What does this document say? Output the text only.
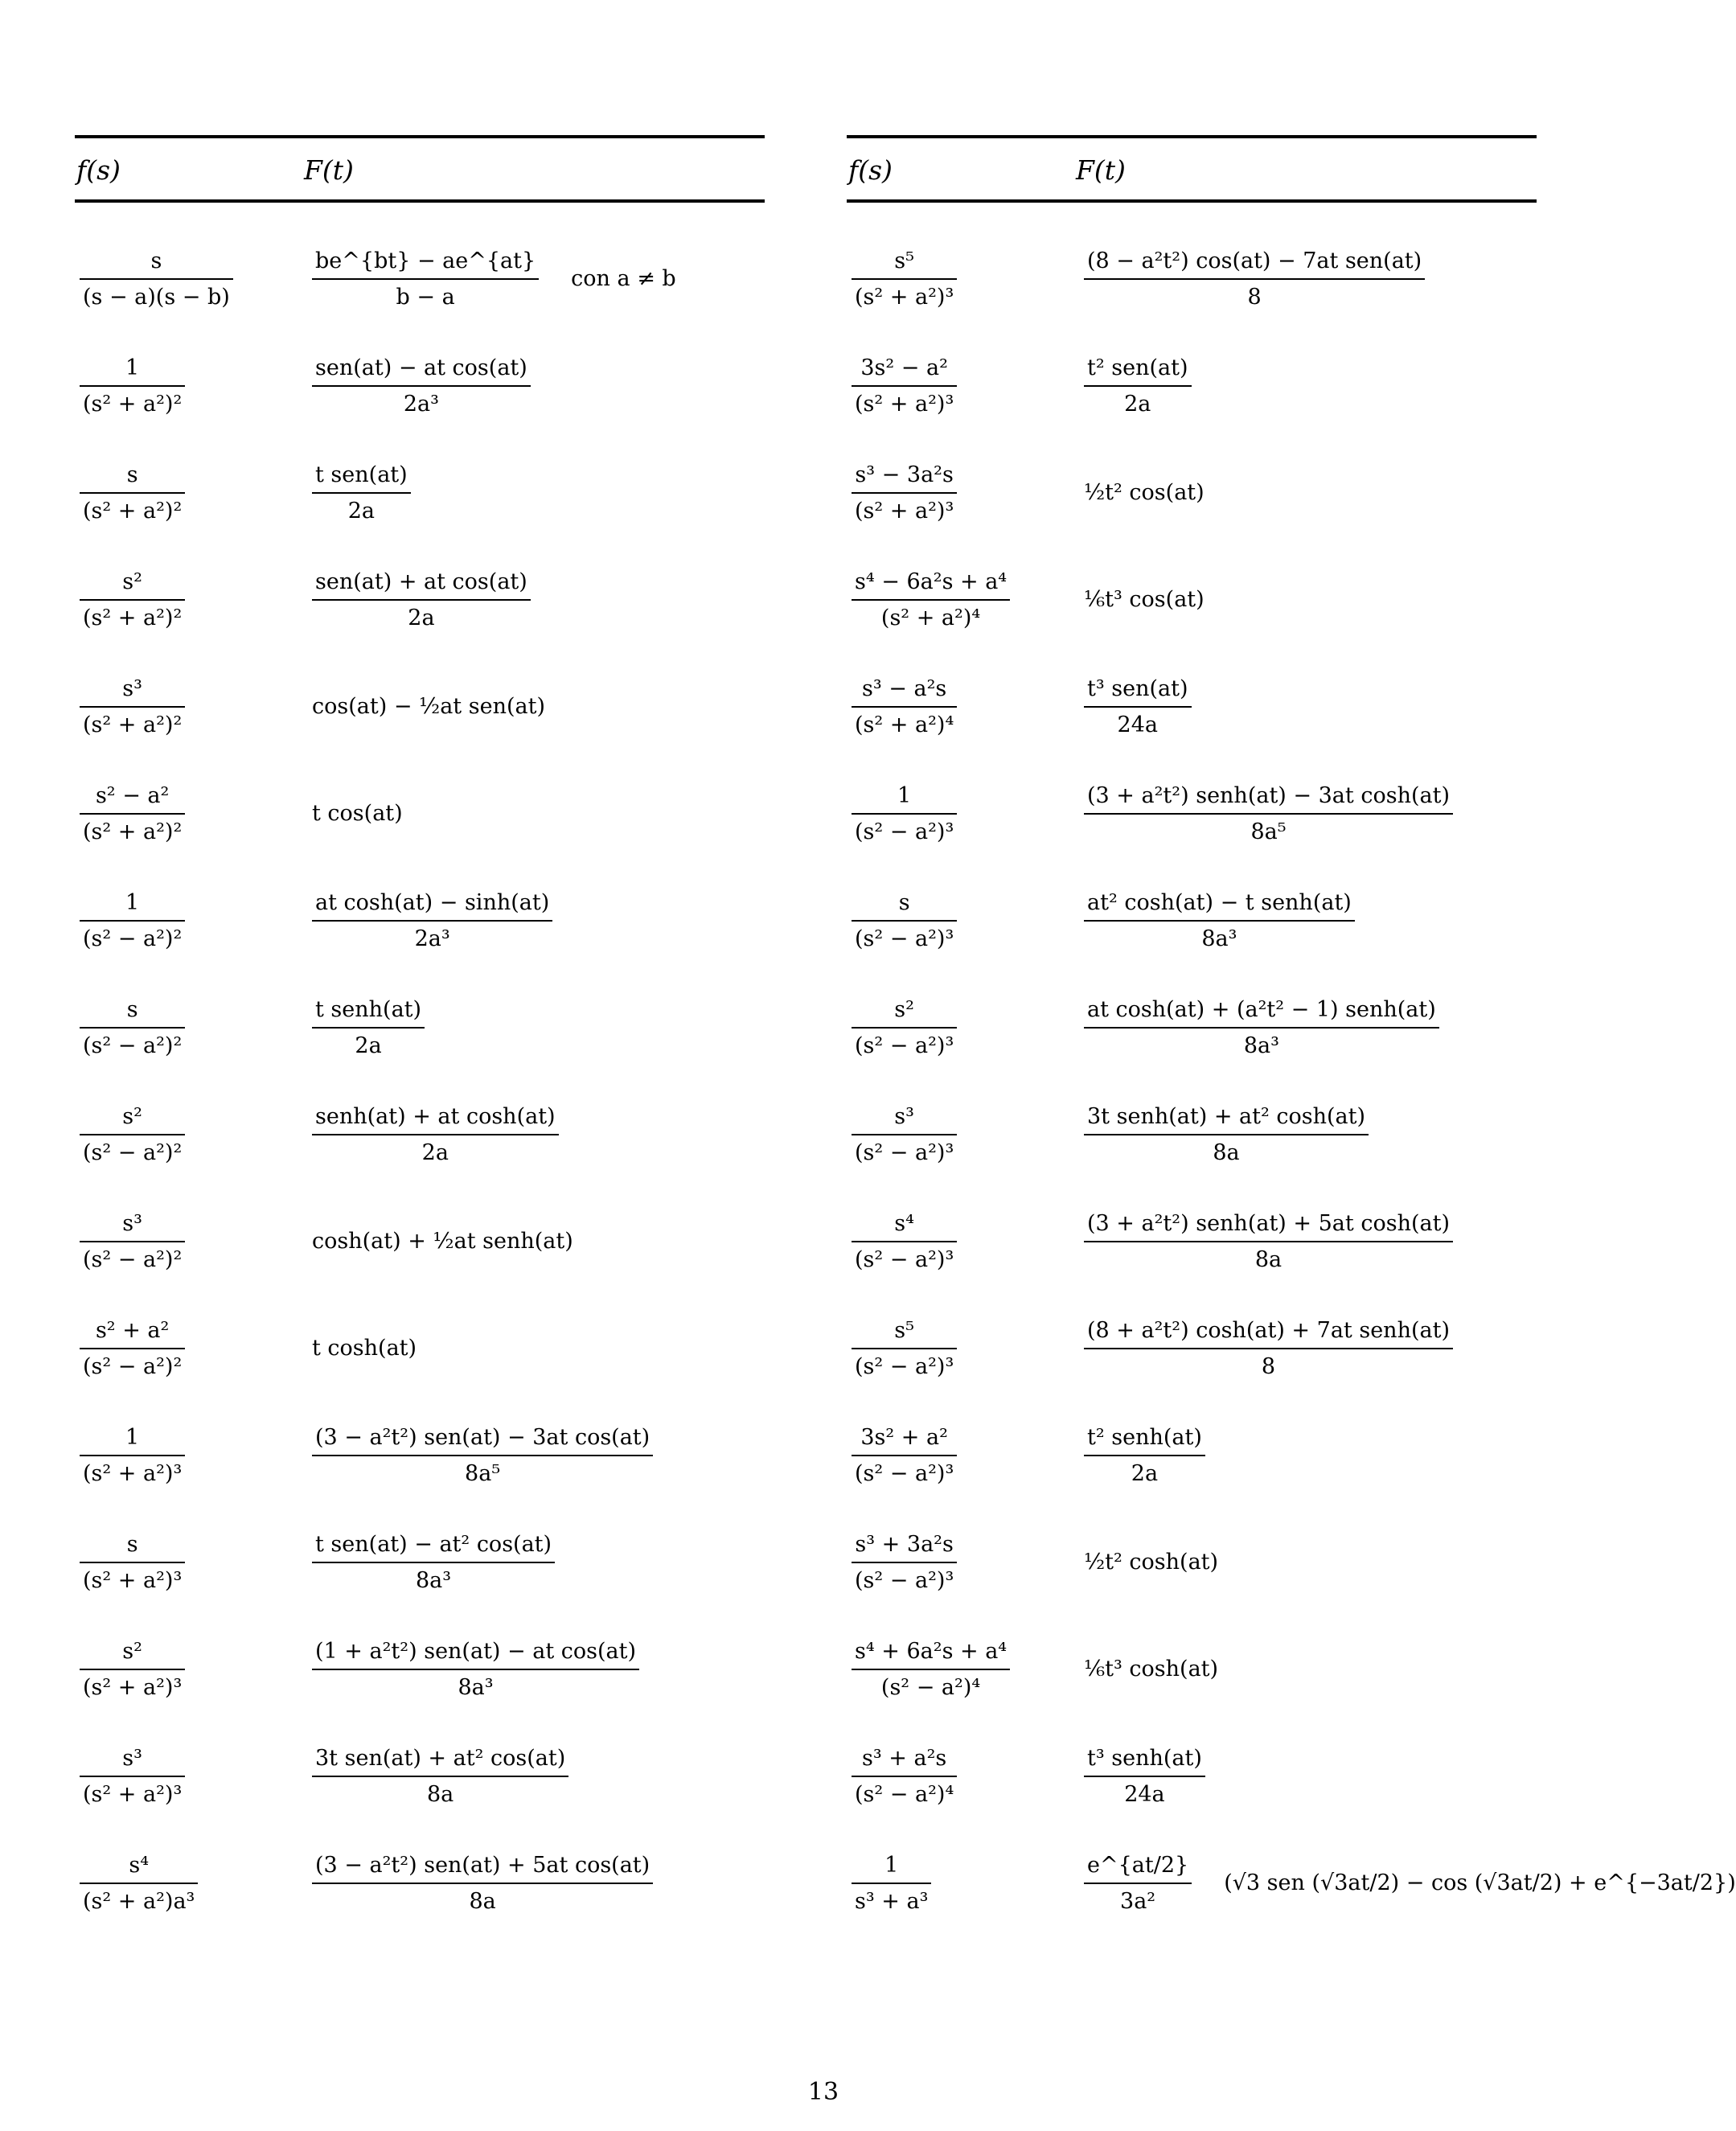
f(s)	F(t)
$\frac{s}{(s - a)(s - b)}$	$\frac{be\^{}\{bt\} - ae\^{}\{at\}}{b - a}$ con a ≠ b
$\frac{1}{\text{(s² + a²)²}}$	$\frac{\text{sen(at) − at cos(at)}}{\text{2a³}}$
$\frac{s}{\text{(s² + a²)²}}$	$\frac{\text{t sen(at)}}{2a}$
$\frac{\text{s²}}{\text{(s² + a²)²}}$	$\frac{\text{sen(at) + at cos(at)}}{2a}$
$\frac{\text{s³}}{\text{(s² + a²)²}}$	cos(at) − ½at sen(at)
$\frac{\text{s² − a²}}{\text{(s² + a²)²}}$	t cos(at)
$\frac{1}{\text{(s² − a²)²}}$	$\frac{\text{at cosh(at) − sinh(at)}}{\text{2a³}}$
$\frac{s}{\text{(s² − a²)²}}$	$\frac{\text{t senh(at)}}{2a}$
$\frac{\text{s²}}{\text{(s² − a²)²}}$	$\frac{\text{senh(at) + at cosh(at)}}{2a}$
$\frac{\text{s³}}{\text{(s² − a²)²}}$	cosh(at) + ½at senh(at)
$\frac{\text{s² + a²}}{\text{(s² − a²)²}}$	t cosh(at)
$\frac{1}{\text{(s² + a²)³}}$	$\frac{\text{(3 − a²t²) sen(at) − 3at cos(at)}}{\text{8a⁵}}$
$\frac{s}{\text{(s² + a²)³}}$	$\frac{\text{t sen(at) − at² cos(at)}}{\text{8a³}}$
$\frac{\text{s²}}{\text{(s² + a²)³}}$	$\frac{\text{(1 + a²t²) sen(at) − at cos(at)}}{\text{8a³}}$
$\frac{\text{s³}}{\text{(s² + a²)³}}$	$\frac{\text{3t sen(at) + at² cos(at)}}{8a}$
$\frac{\text{s⁴}}{\text{(s² + a²)a³}}$	$\frac{\text{(3 − a²t²) sen(at) + 5at cos(at)}}{8a}$
f(s)	F(t)
$\frac{\text{s⁵}}{\text{(s² + a²)³}}$	$\frac{\text{(8 − a²t²) cos(at) − 7at sen(at)}}{8}$
$\frac{\text{3s² − a²}}{\text{(s² + a²)³}}$	$\frac{\text{t² sen(at)}}{2a}$
$\frac{\text{s³ − 3a²s}}{\text{(s² + a²)³}}$	½t² cos(at)
$\frac{\text{s⁴ − 6a²s + a⁴}}{\text{(s² + a²)⁴}}$	⅙t³ cos(at)
$\frac{\text{s³ − a²s}}{\text{(s² + a²)⁴}}$	$\frac{\text{t³ sen(at)}}{24a}$
$\frac{1}{\text{(s² − a²)³}}$	$\frac{\text{(3 + a²t²) senh(at) − 3at cosh(at)}}{\text{8a⁵}}$
$\frac{s}{\text{(s² − a²)³}}$	$\frac{\text{at² cosh(at) − t senh(at)}}{\text{8a³}}$
$\frac{\text{s²}}{\text{(s² − a²)³}}$	$\frac{\text{at cosh(at) + (a²t² − 1) senh(at)}}{\text{8a³}}$
$\frac{\text{s³}}{\text{(s² − a²)³}}$	$\frac{\text{3t senh(at) + at² cosh(at)}}{8a}$
$\frac{\text{s⁴}}{\text{(s² − a²)³}}$	$\frac{\text{(3 + a²t²) senh(at) + 5at cosh(at)}}{8a}$
$\frac{\text{s⁵}}{\text{(s² − a²)³}}$	$\frac{\text{(8 + a²t²) cosh(at) + 7at senh(at)}}{8}$
$\frac{\text{3s² + a²}}{\text{(s² − a²)³}}$	$\frac{\text{t² senh(at)}}{2a}$
$\frac{\text{s³ + 3a²s}}{\text{(s² − a²)³}}$	½t² cosh(at)
$\frac{\text{s⁴ + 6a²s + a⁴}}{\text{(s² − a²)⁴}}$	⅙t³ cosh(at)
$\frac{\text{s³ + a²s}}{\text{(s² − a²)⁴}}$	$\frac{\text{t³ senh(at)}}{24a}$
$\frac{1}{\text{s³ + a³}}$	$\frac{e\^{}\{at/2\}}{\text{3a²}} (√3$ sen (√3at/2) − cos (√3at/2) + e^{−3at/2})
13
